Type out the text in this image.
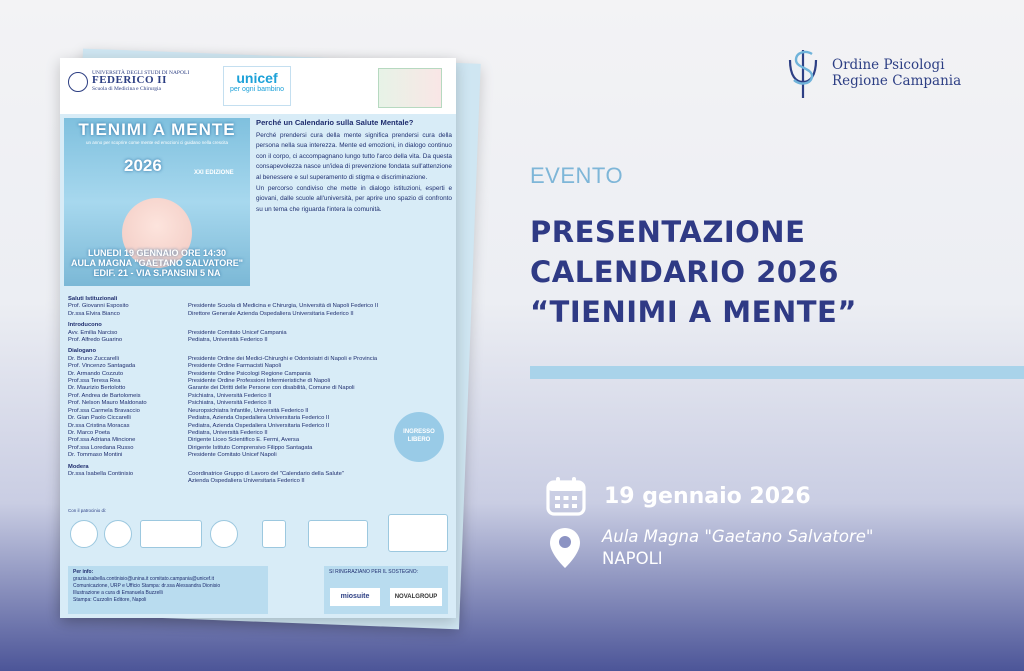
UNIVERSITÀ DEGLI STUDI DI NAPOLI
FEDERICO II
Scuola di Medicina e Chirurgia
unicef
per ogni bambino
TIENIMI A MENTE
un anno per scoprire come mente ed emozioni ci guidano nella crescita
2026	XXI EDIZIONE
LUNEDI 19 GENNAIO ORE 14:30
AULA MAGNA "GAETANO SALVATORE"
EDIF. 21 - VIA S.PANSINI 5 NA
Perché un Calendario sulla Salute Mentale?

Perché prendersi cura della mente significa prendersi cura della persona nella sua interezza. Mente ed emozioni, in dialogo continuo con il corpo, ci accompagnano lungo tutto l'arco della vita. Da questa consapevolezza nasce un'idea di prevenzione fondata sull'attenzione al benessere e sul superamento di stigma e discriminazione.

Un percorso condiviso che mette in dialogo istituzioni, esperti e giovani, dalle scuole all'università, per aprire uno spazio di confronto su un tema che riguarda l'intera la comunità.

Saluti Istituzionali
Prof. Giovanni Esposito	Presidente Scuola di Medicina e Chirurgia, Università di Napoli Federico II
Dr.ssa Elvira Bianco	Direttore Generale Azienda Ospedaliera Universitaria Federico II
Introducono
Avv. Emilia Narciso	Presidente Comitato Unicef Campania
Prof. Alfredo Guarino	Pediatra, Università Federico II
Dialogano
Dr. Bruno Zuccarelli	Presidente Ordine dei Medici-Chirurghi e Odontoiatri di Napoli e Provincia
Prof. Vincenzo Santagada	Presidente Ordine Farmacisti Napoli
Dr. Armando Cozzuto	Presidente Ordine Psicologi Regione Campania
Prof.ssa Teresa Rea	Presidente Ordine Professioni Infermieristiche di Napoli
Dr. Maurizio Bertolotto	Garante dei Diritti delle Persone con disabilità, Comune di Napoli
Prof. Andrea de Bartolomeis	Psichiatra, Università Federico II
Prof. Nelson Mauro Maldonato	Psichiatra, Università Federico II
Prof.ssa Carmela Bravaccio	Neuropsichiatra Infantile, Università Federico II
Dr. Gian Paolo Ciccarelli	Pediatra, Azienda Ospedaliera Universitaria Federico II
Dr.ssa Cristina Moracas	Pediatra, Azienda Ospedaliera Universitaria Federico II
Dr. Marco Poeta	Pediatra, Università Federico II
Prof.ssa Adriana Mincione	Dirigente Liceo Scientifico E. Fermi, Aversa
Prof.ssa Loredana Russo	Dirigente Istituto Comprensivo Filippo Santagata
Dr. Tommaso Montini	Presidente Comitato Unicef Napoli
Modera
Dr.ssa Isabella Continisio	Coordinatrice Gruppo di Lavoro del "Calendario della Salute"
Azienda Ospedaliera Universitaria Federico II
INGRESSO LIBERO
Con il patrocinio di:
Per info:
grazia.isabella.continisio@unina.it comitato.campania@unicef.it
Comunicazione, URP e Ufficio Stampa: dr.ssa Alessandra Dionisio
Illustrazione a cura di Emanuela Buzzelli
Stampa: Cuzzolin Editore, Napoli
SI RINGRAZIANO PER IL SOSTEGNO:
miosuite	NOVALGROUP
Ordine Psicologi
Regione Campania
EVENTO
PRESENTAZIONE
CALENDARIO 2026
“TIENIMI A MENTE”
19 gennaio 2026
Aula Magna "Gaetano Salvatore"
NAPOLI
